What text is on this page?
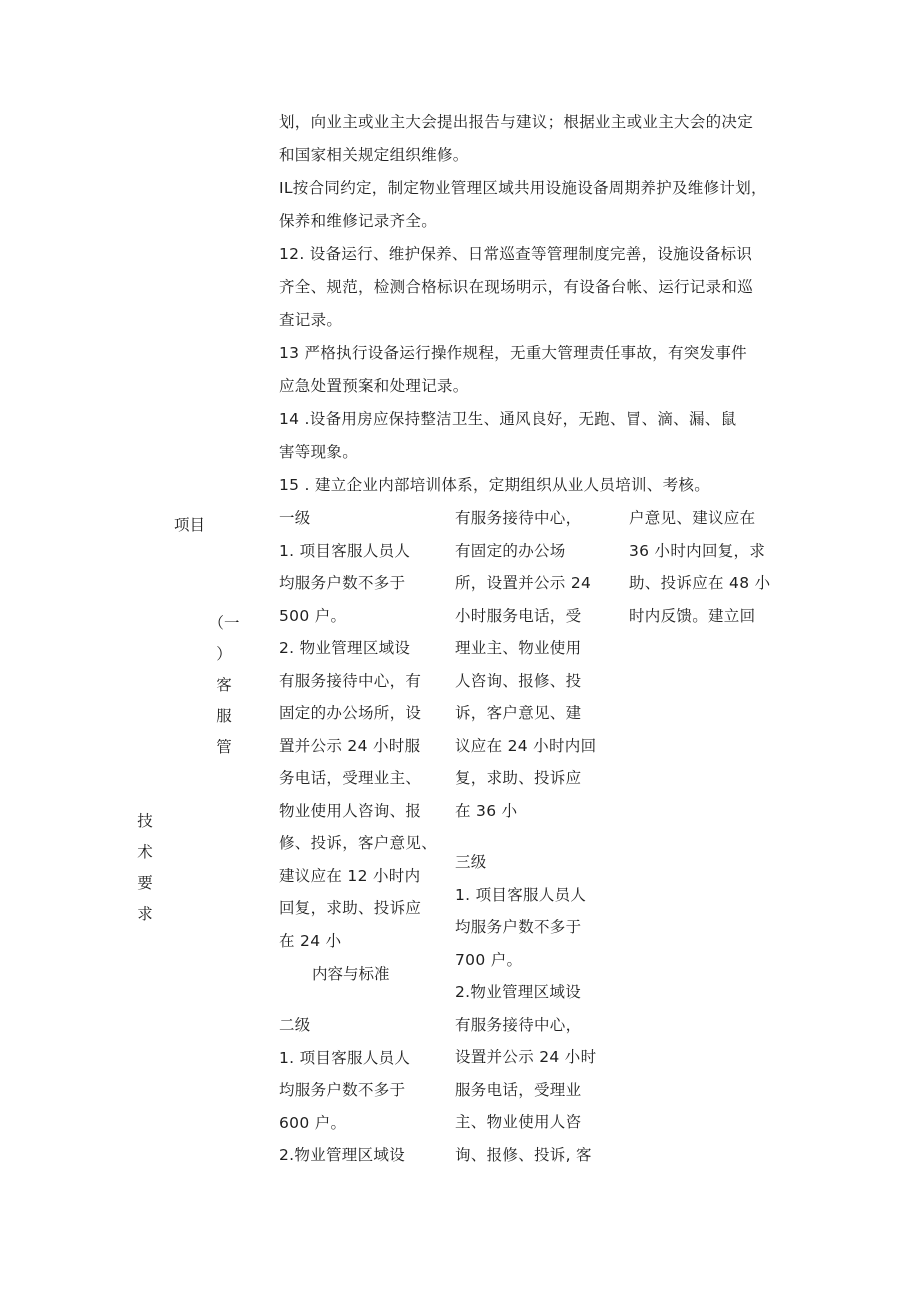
划，向业主或业主大会提出报告与建议；根据业主或业主大会的决定
和国家相关规定组织维修。
IL按合同约定，制定物业管理区域共用设施设备周期养护及维修计划，
保养和维修记录齐全。
12. 设备运行、维护保养、日常巡查等管理制度完善，设施设备标识
齐全、规范，检测合格标识在现场明示，有设备台帐、运行记录和巡
查记录。
13 严格执行设备运行操作规程，无重大管理责任事故，有突发事件
应急处置预案和处理记录。
14 .设备用房应保持整洁卫生、通风良好，无跑、冒、滴、漏、鼠
害等现象。
15 . 建立企业内部培训体系，定期组织从业人员培训、考核。
项目
（一
）
客
服
管
技
术
要
求
一级
1. 项目客服人员人
均服务户数不多于
500 户。
2. 物业管理区域设
有服务接待中心，有
固定的办公场所，设
置并公示 24 小时服
务电话，受理业主、
物业使用人咨询、报
修、投诉，客户意见、
建议应在 12 小时内
回复，求助、投诉应
在 24 小
内容与标准
二级
1. 项目客服人员人
均服务户数不多于
600 户。
2.物业管理区域设
有服务接待中心，
有固定的办公场
所，设置并公示 24
小时服务电话，受
理业主、物业使用
人咨询、报修、投
诉，客户意见、建
议应在 24 小时内回
复，求助、投诉应
在 36 小
三级
1. 项目客服人员人
均服务户数不多于
700 户。
2.物业管理区域设
有服务接待中心，
设置并公示 24 小时
服务电话，受理业
主、物业使用人咨
询、报修、投诉, 客
户意见、建议应在
36 小时内回复，求
助、投诉应在 48 小
时内反馈。建立回
